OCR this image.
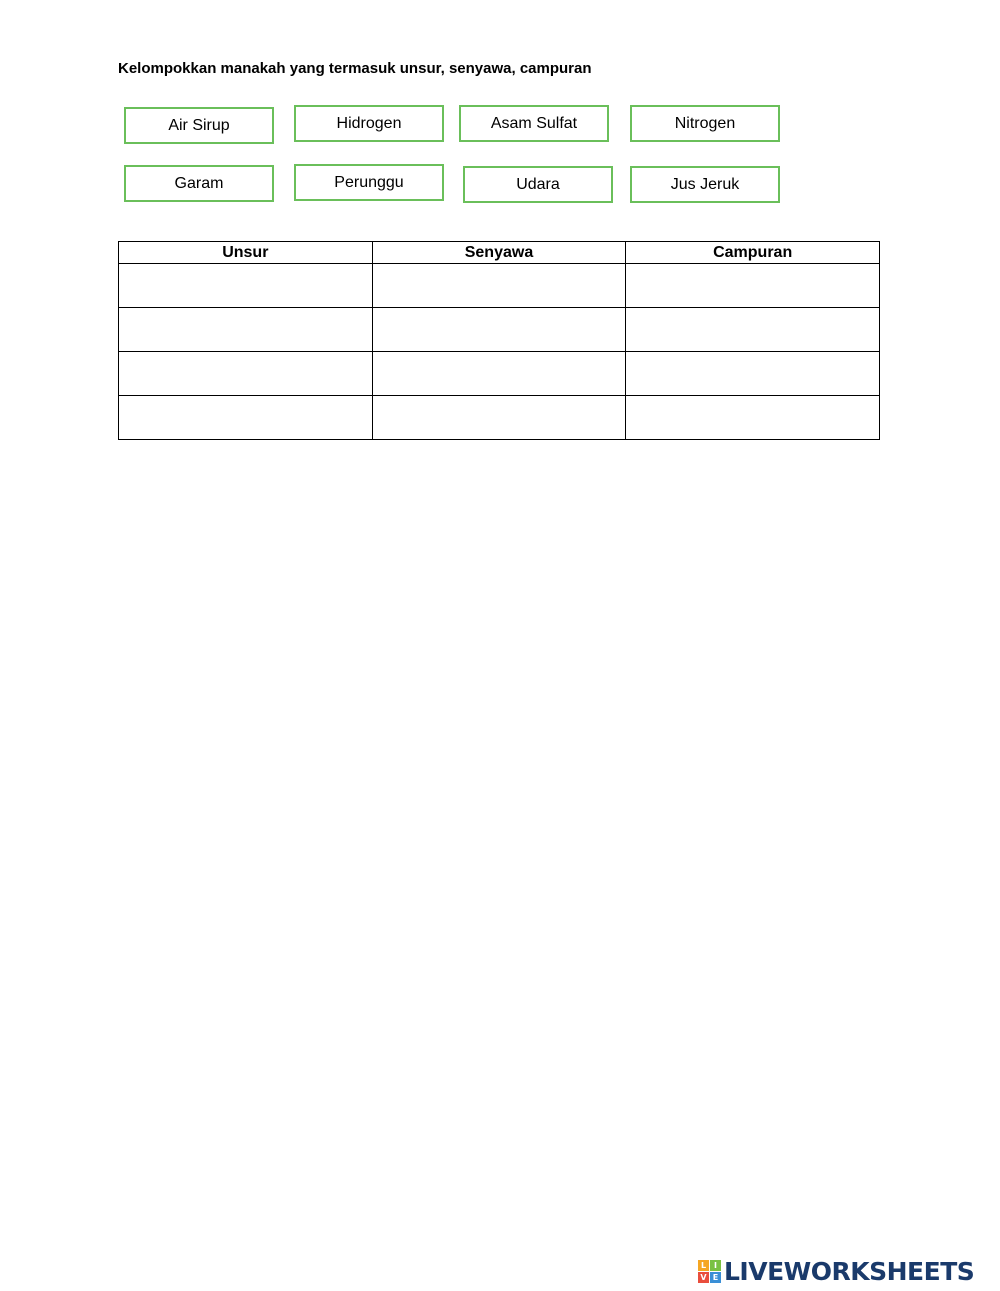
Kelompokkan manakah yang termasuk unsur, senyawa, campuran
Air Sirup	Hidrogen	Asam Sulfat	Nitrogen
Garam	Perunggu	Udara	Jus Jeruk
Unsur	Senyawa	Campuran

L I
V E LIVEWORKSHEETS
